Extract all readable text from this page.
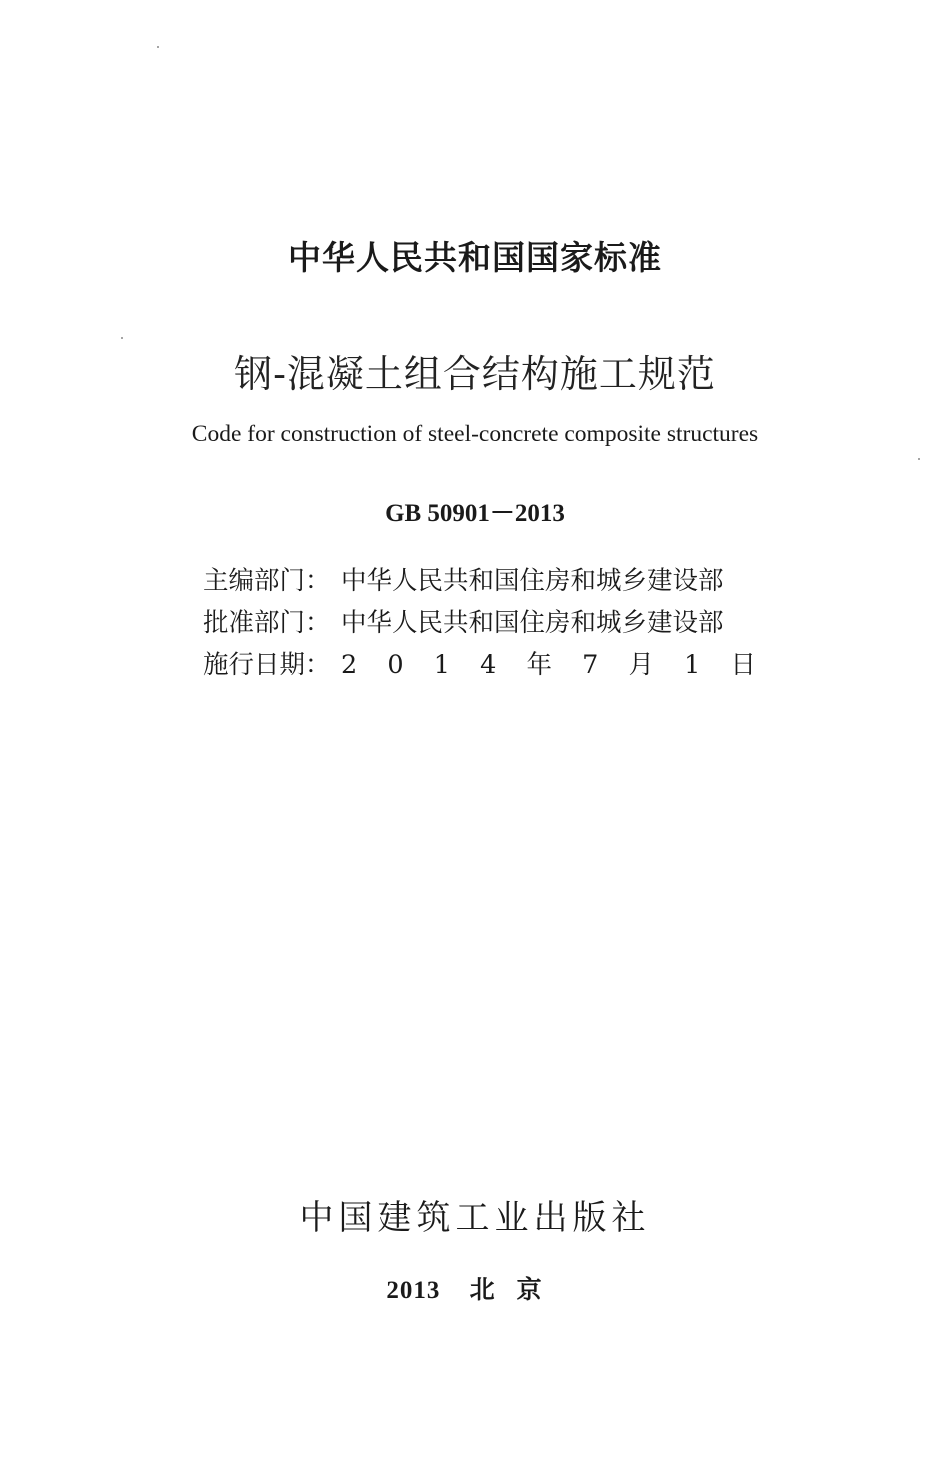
中华人民共和国国家标准
钢-混凝土组合结构施工规范
Code for construction of steel-concrete composite structures
GB 50901－2013
主编部门： 中华人民共和国住房和城乡建设部
批准部门： 中华人民共和国住房和城乡建设部
施行日期： 2 0 1 4 年 7 月 1 日
中国建筑工业出版社
2013 北京
